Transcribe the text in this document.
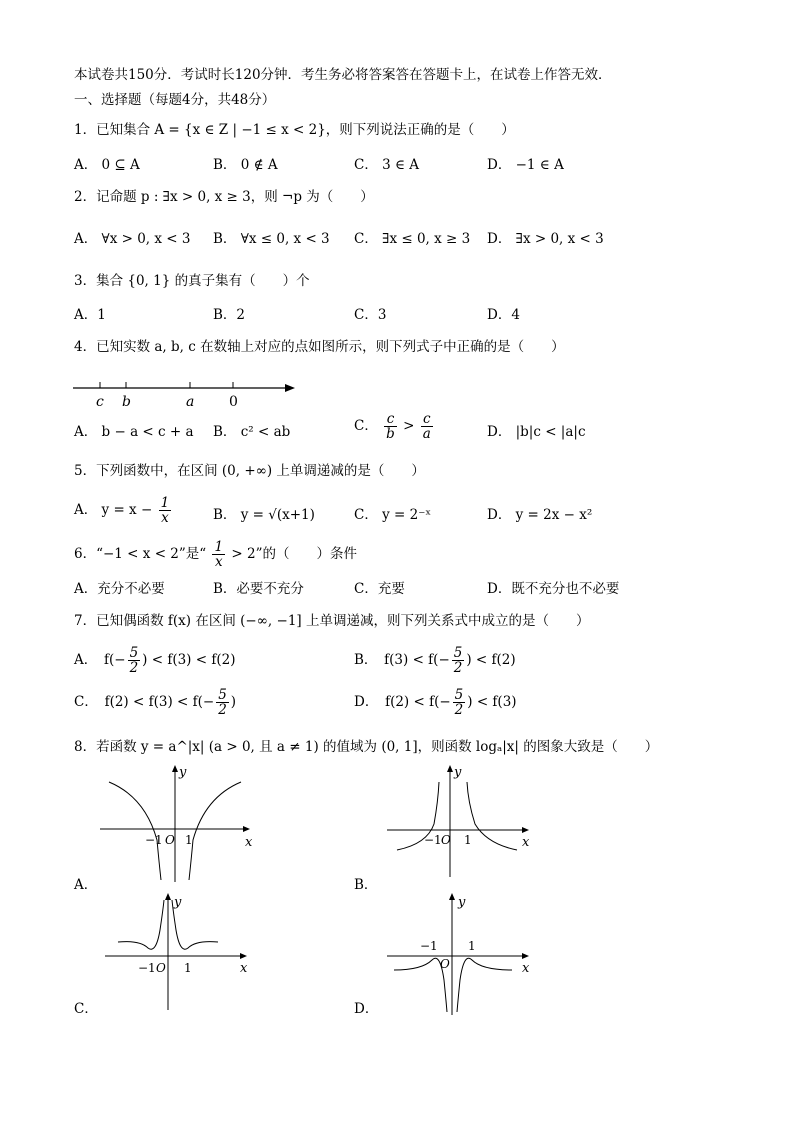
本试卷共150分．考试时长120分钟．考生务必将答案答在答题卡上，在试卷上作答无效．
一、选择题（每题4分，共48分）
1．已知集合 A = {x ∈ Z | −1 ≤ x < 2}，则下列说法正确的是（　　）
A． 0 ⊆ A	B． 0 ∉ A	C． 3 ∈ A	D． −1 ∈ A
2．记命题 p : ∃x > 0, x ≥ 3，则 ¬p 为（　　）
A． ∀x > 0, x < 3 B． ∀x ≤ 0, x < 3 C． ∃x ≤ 0, x ≥ 3 D． ∃x > 0, x < 3
3．集合 {0, 1} 的真子集有（　　）个
A．1	B．2	C．3	D．4
4．已知实数 a, b, c 在数轴上对应的点如图所示，则下列式子中正确的是（　　）
c b	a 0
A． b − a < c + a B． c² < ab	C． $\frac{c}{b} > \frac{c}{a}$	D． |b|c < |a|c
5．下列函数中，在区间 (0, +∞) 上单调递减的是（　　）
A． $y = x - \frac{1}{x}$	B． y = √(x+1)	C． y = 2⁻ˣ	D． y = 2x − x²
6．“−1 < x < 2”是“ $\frac{1}{x} > 2$”的（　　）条件
A．充分不必要	B．必要不充分	C．充要	D．既不充分也不必要
7．已知偶函数 f(x) 在区间 (−∞, −1] 上单调递减，则下列关系式中成立的是（　　）
A．　$f(- \frac{5}{2}$ ) < f(3) < f(2)	B．　$f(3) < f(- \frac{5}{2}$ ) < f(2)
C．　$f(2) < f(3) < f(- \frac{5}{2}$ )	D．　$f(2) < f(- \frac{5}{2}$ ) < f(3)
8．若函数 y = a^|x| (a > 0, 且 a ≠ 1) 的值域为 (0, 1]，则函数 logₐ|x| 的图象大致是（　　）
x
y
−1 O 1
A．
x
y
−1 O 1
B．
x
y
−1 O 1
C．
x
y
−1
O
1
D．
